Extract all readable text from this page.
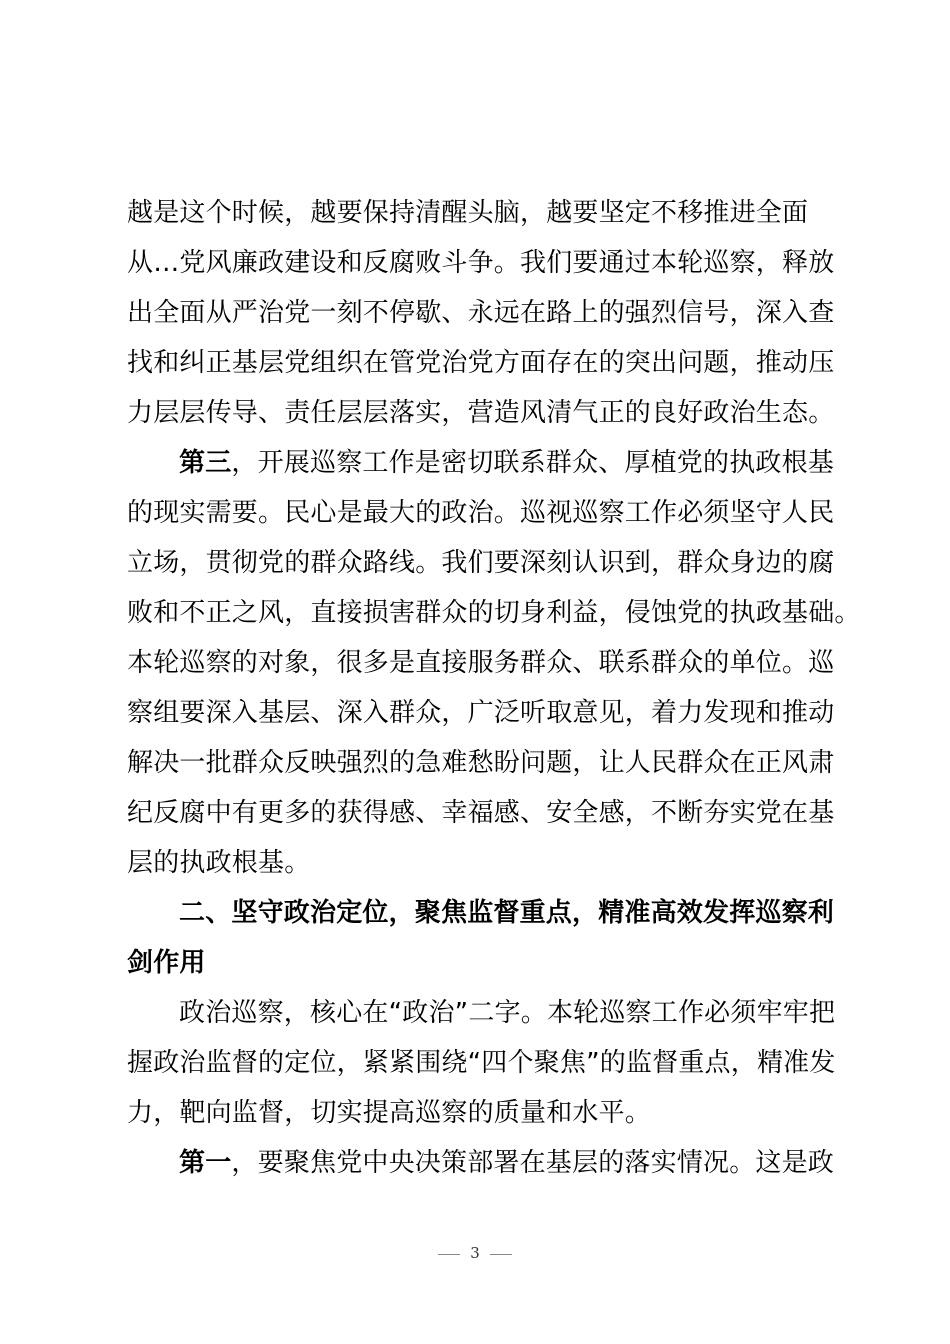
越是这个时候，越要保持清醒头脑，越要坚定不移推进全面
从…党风廉政建设和反腐败斗争。我们要通过本轮巡察，释放
出全面从严治党一刻不停歇、永远在路上的强烈信号，深入查
找和纠正基层党组织在管党治党方面存在的突出问题，推动压
力层层传导、责任层层落实，营造风清气正的良好政治生态。
第三，开展巡察工作是密切联系群众、厚植党的执政根基
的现实需要。民心是最大的政治。巡视巡察工作必须坚守人民
立场，贯彻党的群众路线。我们要深刻认识到，群众身边的腐
败和不正之风，直接损害群众的切身利益，侵蚀党的执政基础。
本轮巡察的对象，很多是直接服务群众、联系群众的单位。巡
察组要深入基层、深入群众，广泛听取意见，着力发现和推动
解决一批群众反映强烈的急难愁盼问题，让人民群众在正风肃
纪反腐中有更多的获得感、幸福感、安全感，不断夯实党在基
层的执政根基。
二、坚守政治定位，聚焦监督重点，精准高效发挥巡察利
剑作用
政治巡察，核心在“政治”二字。本轮巡察工作必须牢牢把
握政治监督的定位，紧紧围绕“四个聚焦”的监督重点，精准发
力，靶向监督，切实提高巡察的质量和水平。
第一，要聚焦党中央决策部署在基层的落实情况。这是政
3
